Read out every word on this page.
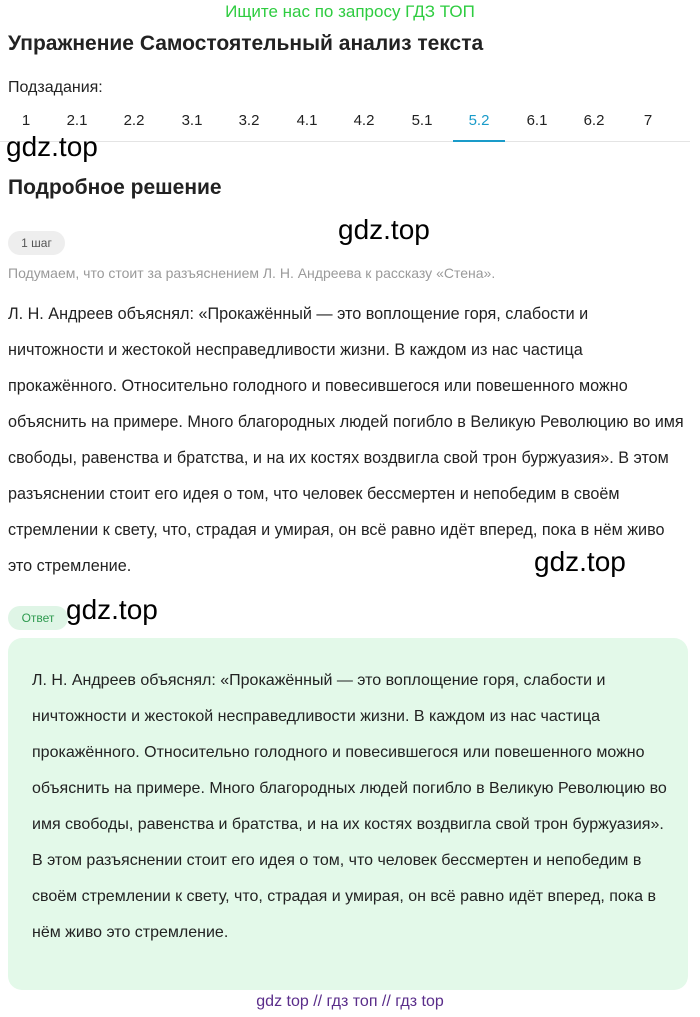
Ищите нас по запросу ГДЗ ТОП
Упражнение Самостоятельный анализ текста
Подзадания:
1	2.1	2.2	3.1	3.2	4.1	4.2	5.1	5.2	6.1	6.2	7
gdz.top
Подробное решение
gdz.top
1 шаг
Подумаем, что стоит за разъяснением Л. Н. Андреева к рассказу «Стена».
Л. Н. Андреев объяснял: «Прокажённый — это воплощение горя, слабости и ничтожности и жестокой несправедливости жизни. В каждом из нас частица прокажённого. Относительно голодного и повесившегося или повешенного можно объяснить на примере. Много благородных людей погибло в Великую Революцию во имя свободы, равенства и братства, и на их костях воздвигла свой трон буржуазия». В этом разъяснении стоит его идея о том, что человек бессмертен и непобедим в своём стремлении к свету, что, страдая и умирая, он всё равно идёт вперед, пока в нём живо это стремление.	gdz.top
Ответ gdz.top
Л. Н. Андреев объяснял: «Прокажённый — это воплощение горя, слабости и ничтожности и жестокой несправедливости жизни. В каждом из нас частица прокажённого. Относительно голодного и повесившегося или повешенного можно объяснить на примере. Много благородных людей погибло в Великую Революцию во имя свободы, равенства и братства, и на их костях воздвигла свой трон буржуазия». В этом разъяснении стоит его идея о том, что человек бессмертен и непобедим в своём стремлении к свету, что, страдая и умирая, он всё равно идёт вперед, пока в нём живо это стремление.
gdz top // гдз топ // гдз top
